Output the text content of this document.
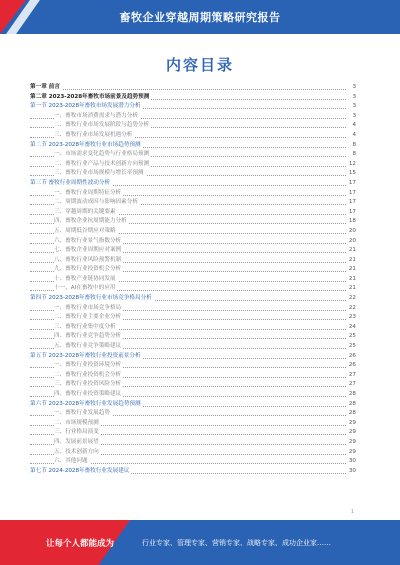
畜牧企业穿越周期策略研究报告
内容目录
第一章 前言	3
第二章 2023-2028年畜牧市场前景及趋势预测	3
第一节 2023-2028年畜牧市场发展潜力分析	3
一、畜牧市场消费需求与潜力分析	3
二、畜牧行业市场发展阶段与趋势分析	4
三、畜牧行业市场发展机遇分析	4
第二节 2023-2028年畜牧行业市场趋势预测	8
一、市场需求变化趋势与行业格局预测	8
二、畜牧行业产品与技术创新方向预测	12
三、畜牧行业市场规模与增长率预测	15
第三节 畜牧行业周期性波动分析	17
一、畜牧行业周期特征分析	17
二、周期波动成因与影响因素分析	17
三、穿越周期的关键要素	17
四、畜牧企业抗周期能力分析	18
五、周期低谷期应对策略	20
六、畜牧行业景气指数分析	20
七、畜牧企业周期应对案例	21
八、畜牧行业风险预警机制	21
九、畜牧行业投资机会分析	21
十、畜牧产业链协同发展	21
十一、AI在畜牧中的应用	21
第四节 2023-2028年畜牧行业市场竞争格局分析	22
一、畜牧行业市场竞争格局	22
二、畜牧行业主要企业分析	23
三、畜牧行业集中度分析	24
四、畜牧行业竞争趋势分析	25
五、畜牧行业竞争策略建议	25
第五节 2023-2028年畜牧行业投资前景分析	26
一、畜牧行业投资环境分析	26
二、畜牧行业投资机会分析	27
三、畜牧行业投资风险分析	27
四、畜牧行业投资策略建议	28
第六节 2023-2028年畜牧行业发展趋势预测	28
一、畜牧行业发展趋势	28
二、市场规模预测	29
三、行业格局演变	29
四、发展前景展望	29
五、技术创新方向	29
六、其他问题	30
第七节 2024-2028年畜牧行业发展建议	30
1
让每个人都能成为	行业专家、管理专家、营销专家、战略专家、成功企业家……
